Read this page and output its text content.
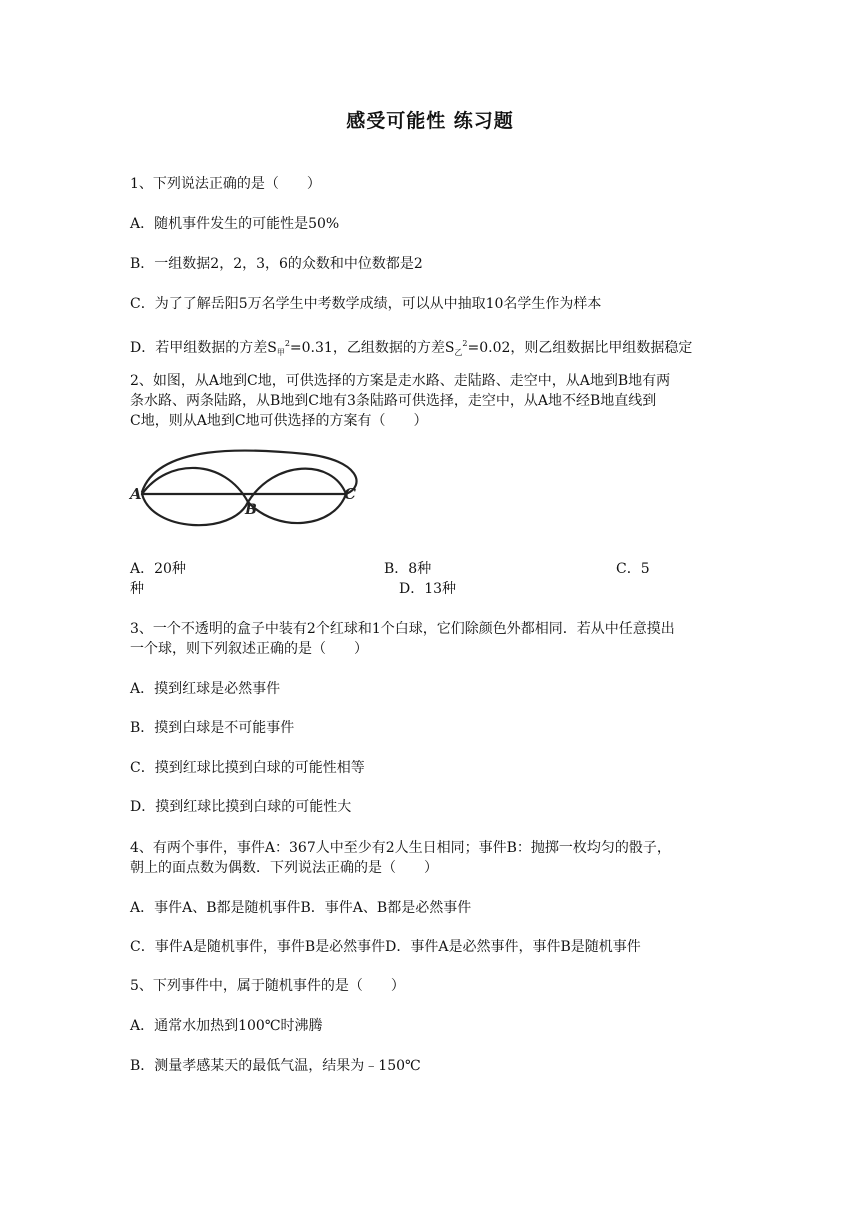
感受可能性 练习题
1、下列说法正确的是（　　）
A．随机事件发生的可能性是50%
B．一组数据2，2，3，6的众数和中位数都是2
C．为了了解岳阳5万名学生中考数学成绩，可以从中抽取10名学生作为样本
D．若甲组数据的方差$S_甲^2=0.31$，乙组数据的方差$S_乙^2=0.02$，则乙组数据比甲组数据稳定
2、如图，从A地到C地，可供选择的方案是走水路、走陆路、走空中，从A地到B地有两
条水路、两条陆路，从B地到C地有3条陆路可供选择，走空中，从A地不经B地直线到
C地，则从A地到C地可供选择的方案有（　　）
A
B
C
A．20种	B．8种	C．5
种	D．13种
3、一个不透明的盒子中装有2个红球和1个白球，它们除颜色外都相同．若从中任意摸出
一个球，则下列叙述正确的是（　　）
A．摸到红球是必然事件
B．摸到白球是不可能事件
C．摸到红球比摸到白球的可能性相等
D．摸到红球比摸到白球的可能性大
4、有两个事件，事件A：367人中至少有2人生日相同；事件B：抛掷一枚均匀的骰子，
朝上的面点数为偶数．下列说法正确的是（　　）
A．事件A、B都是随机事件B．事件A、B都是必然事件
C．事件A是随机事件，事件B是必然事件D．事件A是必然事件，事件B是随机事件
5、下列事件中，属于随机事件的是（　　）
A．通常水加热到100℃时沸腾
B．测量孝感某天的最低气温，结果为﹣150℃
